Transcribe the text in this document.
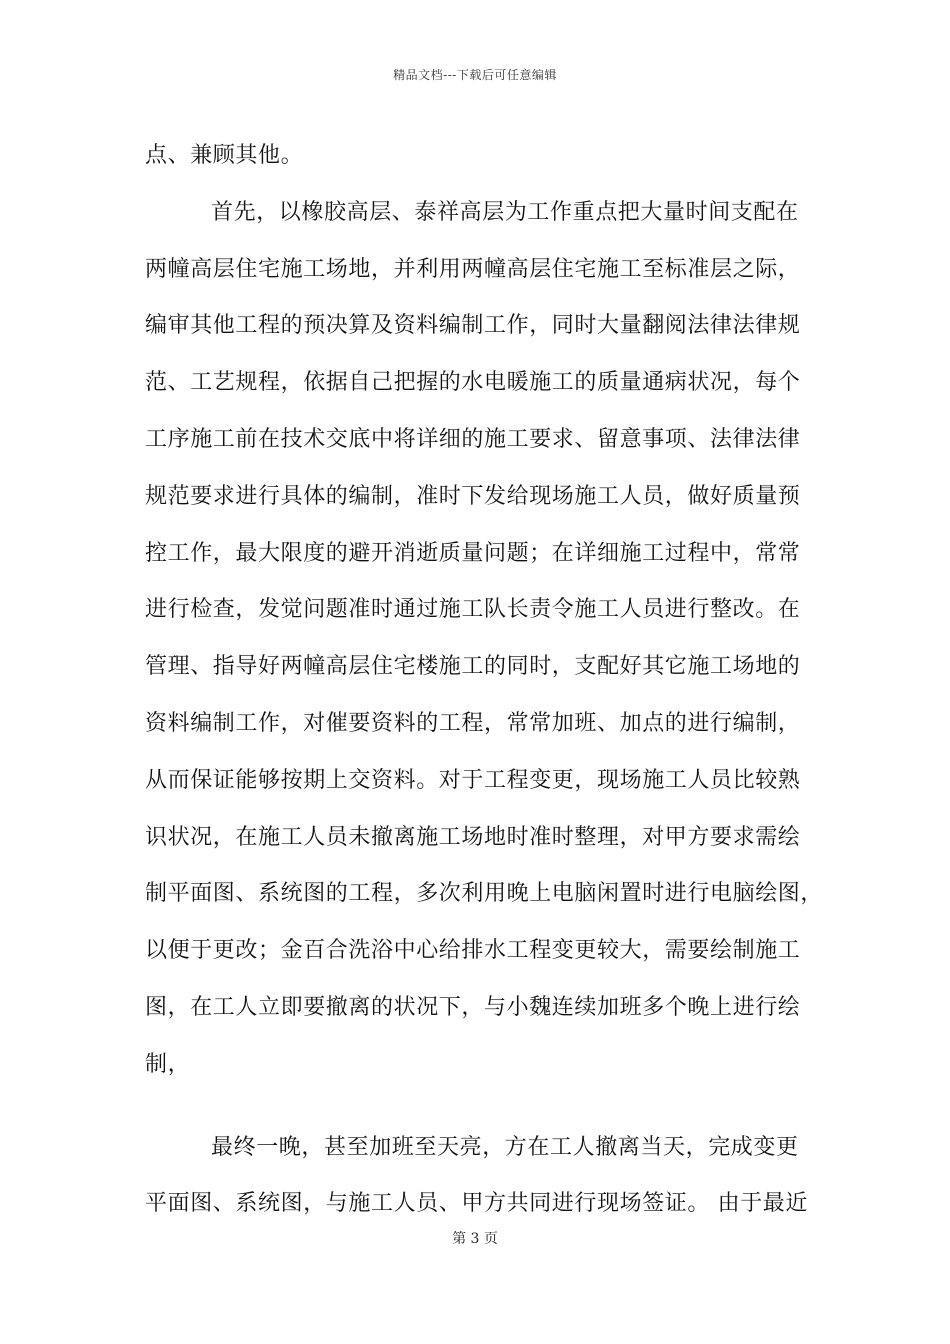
精品文档---下载后可任意编辑
点、兼顾其他。
首先，以橡胶高层、泰祥高层为工作重点把大量时间支配在
两幢高层住宅施工场地，并利用两幢高层住宅施工至标准层之际，
编审其他工程的预决算及资料编制工作，同时大量翻阅法律法律规
范、工艺规程，依据自己把握的水电暖施工的质量通病状况，每个
工序施工前在技术交底中将详细的施工要求、留意事项、法律法律
规范要求进行具体的编制，准时下发给现场施工人员，做好质量预
控工作，最大限度的避开消逝质量问题；在详细施工过程中，常常
进行检查，发觉问题准时通过施工队长责令施工人员进行整改。在
管理、指导好两幢高层住宅楼施工的同时，支配好其它施工场地的
资料编制工作，对催要资料的工程，常常加班、加点的进行编制，
从而保证能够按期上交资料。对于工程变更，现场施工人员比较熟
识状况，在施工人员未撤离施工场地时准时整理，对甲方要求需绘
制平面图、系统图的工程，多次利用晚上电脑闲置时进行电脑绘图，
以便于更改；金百合洗浴中心给排水工程变更较大，需要绘制施工
图，在工人立即要撤离的状况下，与小魏连续加班多个晚上进行绘
制，
最终一晚，甚至加班至天亮，方在工人撤离当天，完成变更
平面图、系统图，与施工人员、甲方共同进行现场签证。 由于最近
第 3 页
